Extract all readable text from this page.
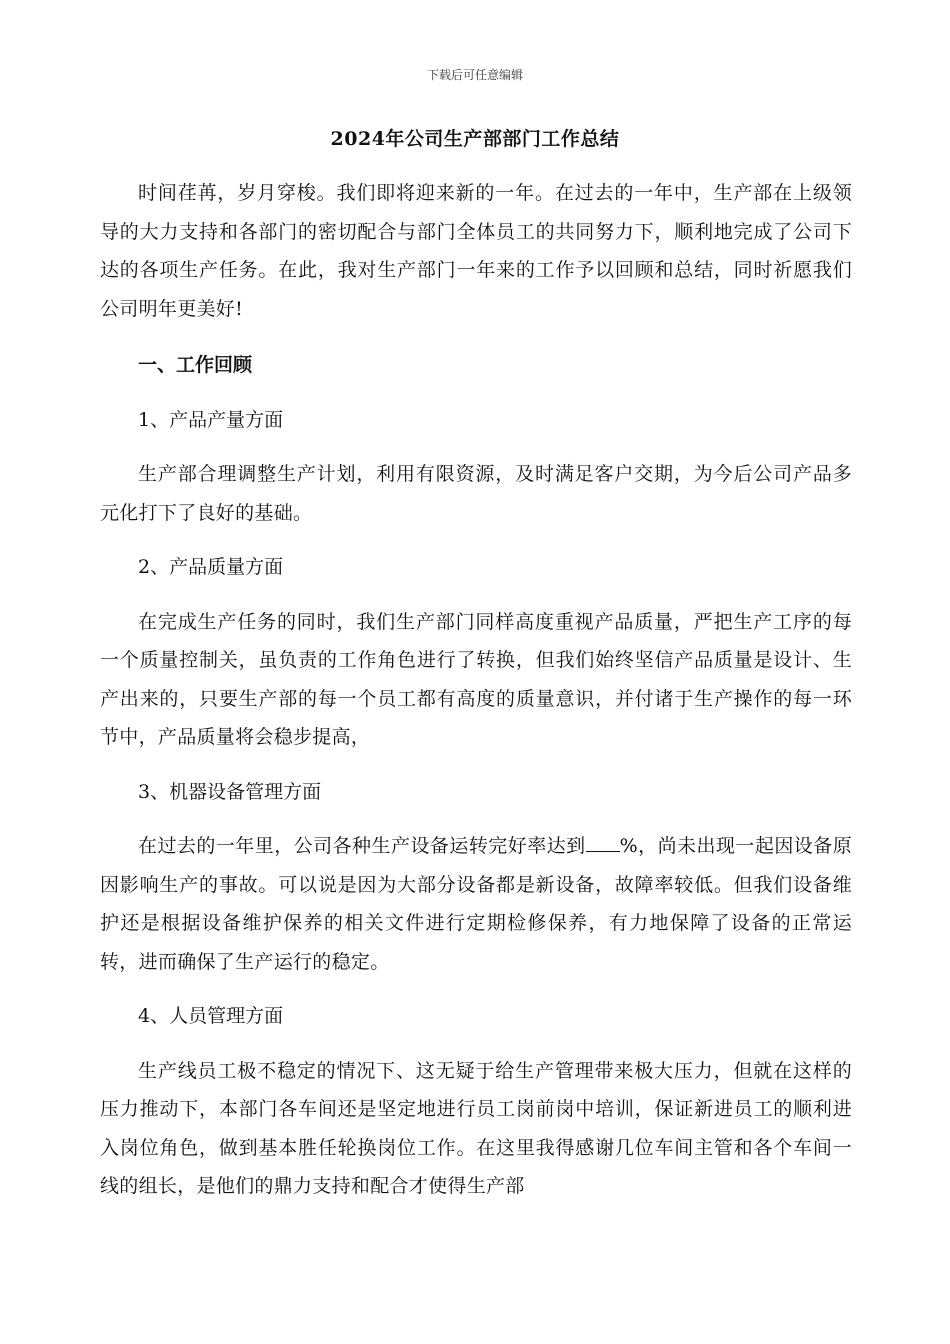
下载后可任意编辑
2024年公司生产部部门工作总结

时间荏苒，岁月穿梭。我们即将迎来新的一年。在过去的一年中，生产部在上级领导的大力支持和各部门的密切配合与部门全体员工的共同努力下，顺利地完成了公司下达的各项生产任务。在此，我对生产部门一年来的工作予以回顾和总结，同时祈愿我们公司明年更美好!

一、工作回顾

1、产品产量方面

生产部合理调整生产计划，利用有限资源，及时满足客户交期，为今后公司产品多元化打下了良好的基础。

2、产品质量方面

在完成生产任务的同时，我们生产部门同样高度重视产品质量，严把生产工序的每一个质量控制关，虽负责的工作角色进行了转换，但我们始终坚信产品质量是设计、生产出来的，只要生产部的每一个员工都有高度的质量意识，并付诸于生产操作的每一环节中，产品质量将会稳步提高，

3、机器设备管理方面

在过去的一年里，公司各种生产设备运转完好率达到 %，尚未出现一起因设备原因影响生产的事故。可以说是因为大部分设备都是新设备，故障率较低。但我们设备维护还是根据设备维护保养的相关文件进行定期检修保养，有力地保障了设备的正常运转，进而确保了生产运行的稳定。

4、人员管理方面

生产线员工极不稳定的情况下、这无疑于给生产管理带来极大压力，但就在这样的压力推动下，本部门各车间还是坚定地进行员工岗前岗中培训，保证新进员工的顺利进入岗位角色，做到基本胜任轮换岗位工作。在这里我得感谢几位车间主管和各个车间一线的组长，是他们的鼎力支持和配合才使得生产部
